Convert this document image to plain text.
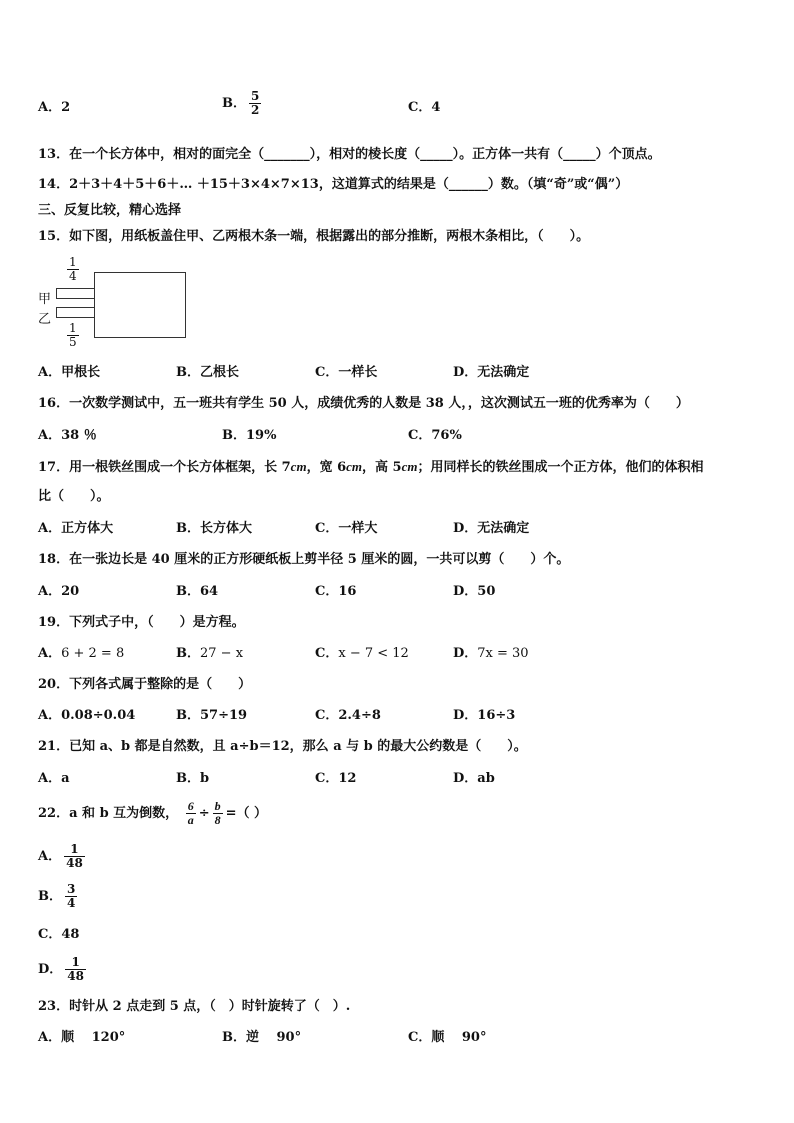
A．2	B． $\frac{5}{2}$	C．4
13．在一个长方体中，相对的面完全（_______），相对的棱长度（_____）。正方体一共有（_____）个顶点。
14．2＋3＋4＋5＋6＋… ＋15＋3×4×7×13，这道算式的结果是（______）数。（填“奇”或“偶”）
三、反复比较，精心选择
15．如下图，用纸板盖住甲、乙两根木条一端，根据露出的部分推断，两根木条相比，（　　）。
1
4
甲
乙
1
5
A．甲根长	B．乙根长	C．一样长	D．无法确定
16．一次数学测试中，五一班共有学生 50 人，成绩优秀的人数是 38 人，，这次测试五一班的优秀率为（　　）
A．38 ％	B．19%	C．76%
17．用一根铁丝围成一个长方体框架，长 7cm，宽 6cm，高 5cm；用同样长的铁丝围成一个正方体，他们的体积相
比（　　）。
A．正方体大	B．长方体大	C．一样大	D．无法确定
18．在一张边长是 40 厘米的正方形硬纸板上剪半径 5 厘米的圆，一共可以剪（　　）个。
A．20	B．64	C．16	D．50
19．下列式子中，（　　）是方程。
A．6 + 2 = 8	B．27 − x	C．x − 7 < 12	D．7x = 30
20．下列各式属于整除的是（　　）
A．0.08÷0.04	B．57÷19	C．2.4÷8	D．16÷3
21．已知 a、b 都是自然数，且 a÷b＝12，那么 a 与 b 的最大公约数是（　　）。
A．a	B．b	C．12	D．ab
22．a 和 b 互为倒数， $\frac{6}{a} \div \frac{b}{8}$ =（ ）
A． $\frac{1}{48}$
B． $\frac{3}{4}$
C．48
D． $\frac{1}{48}$
23．时针从 2 点走到 5 点，（　）时针旋转了（　）.
A．顺　 120°	B．逆　 90°	C．顺　 90°
